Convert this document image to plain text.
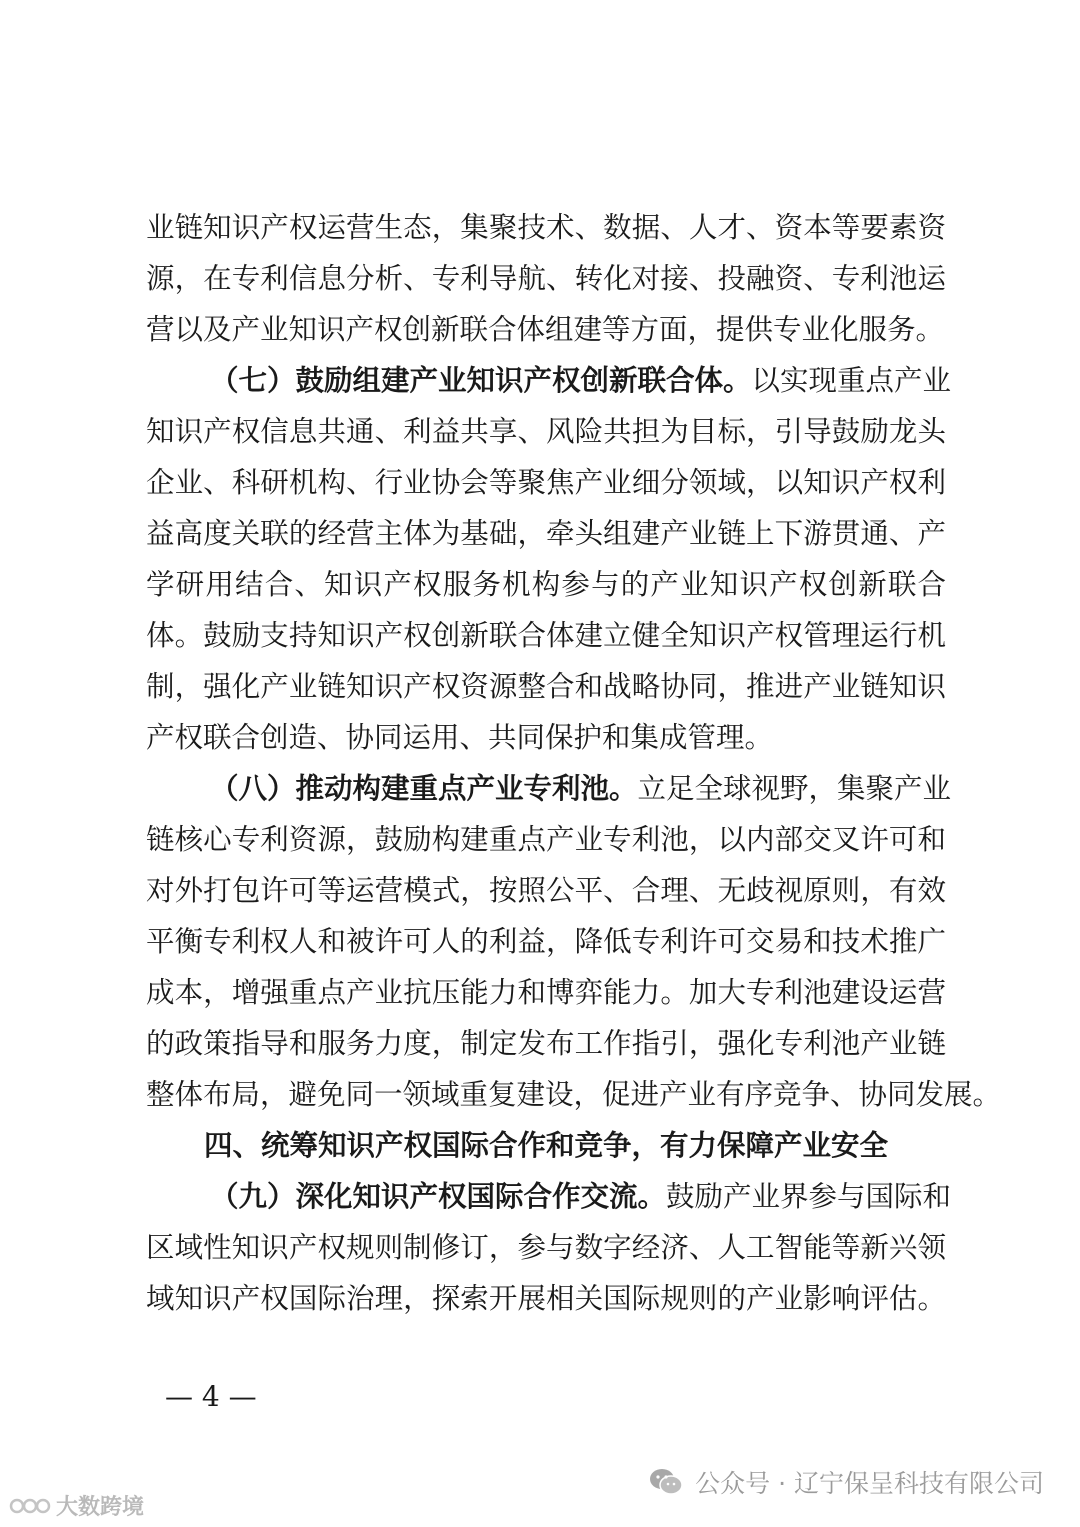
业链知识产权运营生态，集聚技术、数据、人才、资本等要素资
源，在专利信息分析、专利导航、转化对接、投融资、专利池运
营以及产业知识产权创新联合体组建等方面，提供专业化服务。
（七）鼓励组建产业知识产权创新联合体。以实现重点产业
知识产权信息共通、利益共享、风险共担为目标，引导鼓励龙头
企业、科研机构、行业协会等聚焦产业细分领域，以知识产权利
益高度关联的经营主体为基础，牵头组建产业链上下游贯通、产
学研用结合、知识产权服务机构参与的产业知识产权创新联合
体。鼓励支持知识产权创新联合体建立健全知识产权管理运行机
制，强化产业链知识产权资源整合和战略协同，推进产业链知识
产权联合创造、协同运用、共同保护和集成管理。
（八）推动构建重点产业专利池。立足全球视野，集聚产业
链核心专利资源，鼓励构建重点产业专利池，以内部交叉许可和
对外打包许可等运营模式，按照公平、合理、无歧视原则，有效
平衡专利权人和被许可人的利益，降低专利许可交易和技术推广
成本，增强重点产业抗压能力和博弈能力。加大专利池建设运营
的政策指导和服务力度，制定发布工作指引，强化专利池产业链
整体布局，避免同一领域重复建设，促进产业有序竞争、协同发展。
四、统筹知识产权国际合作和竞争，有力保障产业安全
（九）深化知识产权国际合作交流。鼓励产业界参与国际和
区域性知识产权规则制修订，参与数字经济、人工智能等新兴领
域知识产权国际治理，探索开展相关国际规则的产业影响评估。
— 4 —
公众号 · 辽宁保呈科技有限公司
大数跨境
